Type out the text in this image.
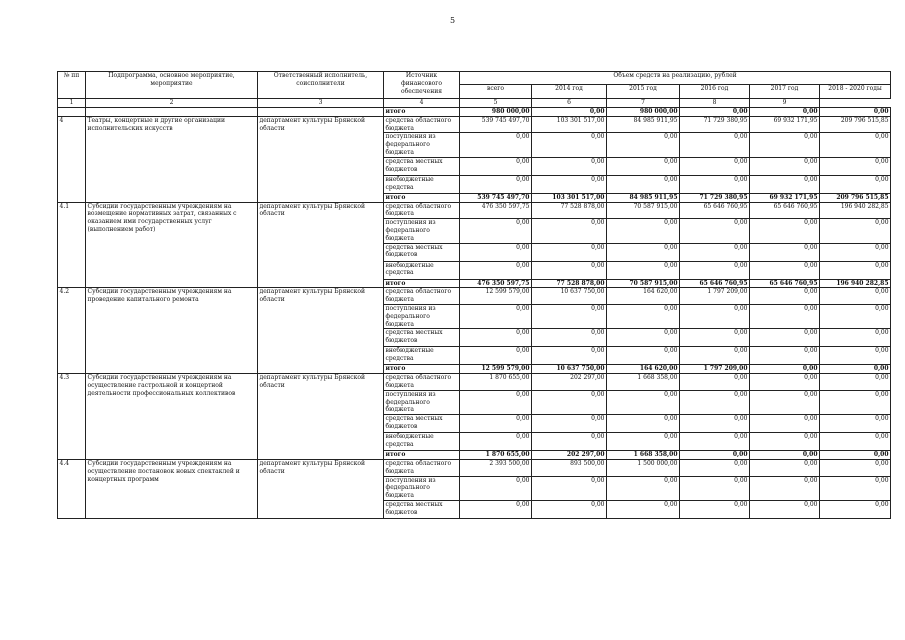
5
№ пп	Подпрограмма, основное мероприятие, мероприятие	Ответственный исполнитель, соисполнители	Источник финансового обеспечения	Объем средств на реализацию, рублей					
				всего	2014 год	2015 год	2016 год	2017 год	2018 - 2020 годы
1	2	3	4	5	6	7	8	9	
			итого	980 000,00	0,00	980 000,00	0,00	0,00	0,00
4	Театры, концертные и другие организации исполнительских искусств	департамент культуры Брянской области	средства областного бюджета	539 745 497,70	103 301 517,00	84 985 911,95	71 729 380,95	69 932 171,95	209 796 515,85
			поступления из федерального бюджета	0,00	0,00	0,00	0,00	0,00	0,00
			средства местных бюджетов	0,00	0,00	0,00	0,00	0,00	0,00
			внебюджетные средства	0,00	0,00	0,00	0,00	0,00	0,00
			итого	539 745 497,70	103 301 517,00	84 985 911,95	71 729 380,95	69 932 171,95	209 796 515,85
4.1	Субсидии государственным учреждениям на возмещение нормативных затрат, связанных с оказанием ими государственных услуг (выполнением работ)	департамент культуры Брянской области	средства областного бюджета	476 350 597,75	77 528 878,00	70 587 915,00	65 646 760,95	65 646 760,95	196 940 282,85
			поступления из федерального бюджета	0,00	0,00	0,00	0,00	0,00	0,00
			средства местных бюджетов	0,00	0,00	0,00	0,00	0,00	0,00
			внебюджетные средства	0,00	0,00	0,00	0,00	0,00	0,00
			итого	476 350 597,75	77 528 878,00	70 587 915,00	65 646 760,95	65 646 760,95	196 940 282,85
4.2	Субсидии государственным учреждениям на проведение капитального ремонта	департамент культуры Брянской области	средства областного бюджета	12 599 579,00	10 637 750,00	164 620,00	1 797 209,00	0,00	0,00
			поступления из федерального бюджета	0,00	0,00	0,00	0,00	0,00	0,00
			средства местных бюджетов	0,00	0,00	0,00	0,00	0,00	0,00
			внебюджетные средства	0,00	0,00	0,00	0,00	0,00	0,00
			итого	12 599 579,00	10 637 750,00	164 620,00	1 797 209,00	0,00	0,00
4.3	Субсидии государственным учреждениям на осуществление гастрольной и концертной деятельности профессиональных коллективов	департамент культуры Брянской области	средства областного бюджета	1 870 655,00	202 297,00	1 668 358,00	0,00	0,00	0,00
			поступления из федерального бюджета	0,00	0,00	0,00	0,00	0,00	0,00
			средства местных бюджетов	0,00	0,00	0,00	0,00	0,00	0,00
			внебюджетные средства	0,00	0,00	0,00	0,00	0,00	0,00
			итого	1 870 655,00	202 297,00	1 668 358,00	0,00	0,00	0,00
4.4	Субсидии государственным учреждениям на осуществление постановок новых спектаклей и концертных программ	департамент культуры Брянской области	средства областного бюджета	2 393 500,00	893 500,00	1 500 000,00	0,00	0,00	0,00
			поступления из федерального бюджета	0,00	0,00	0,00	0,00	0,00	0,00
			средства местных бюджетов	0,00	0,00	0,00	0,00	0,00	0,00
